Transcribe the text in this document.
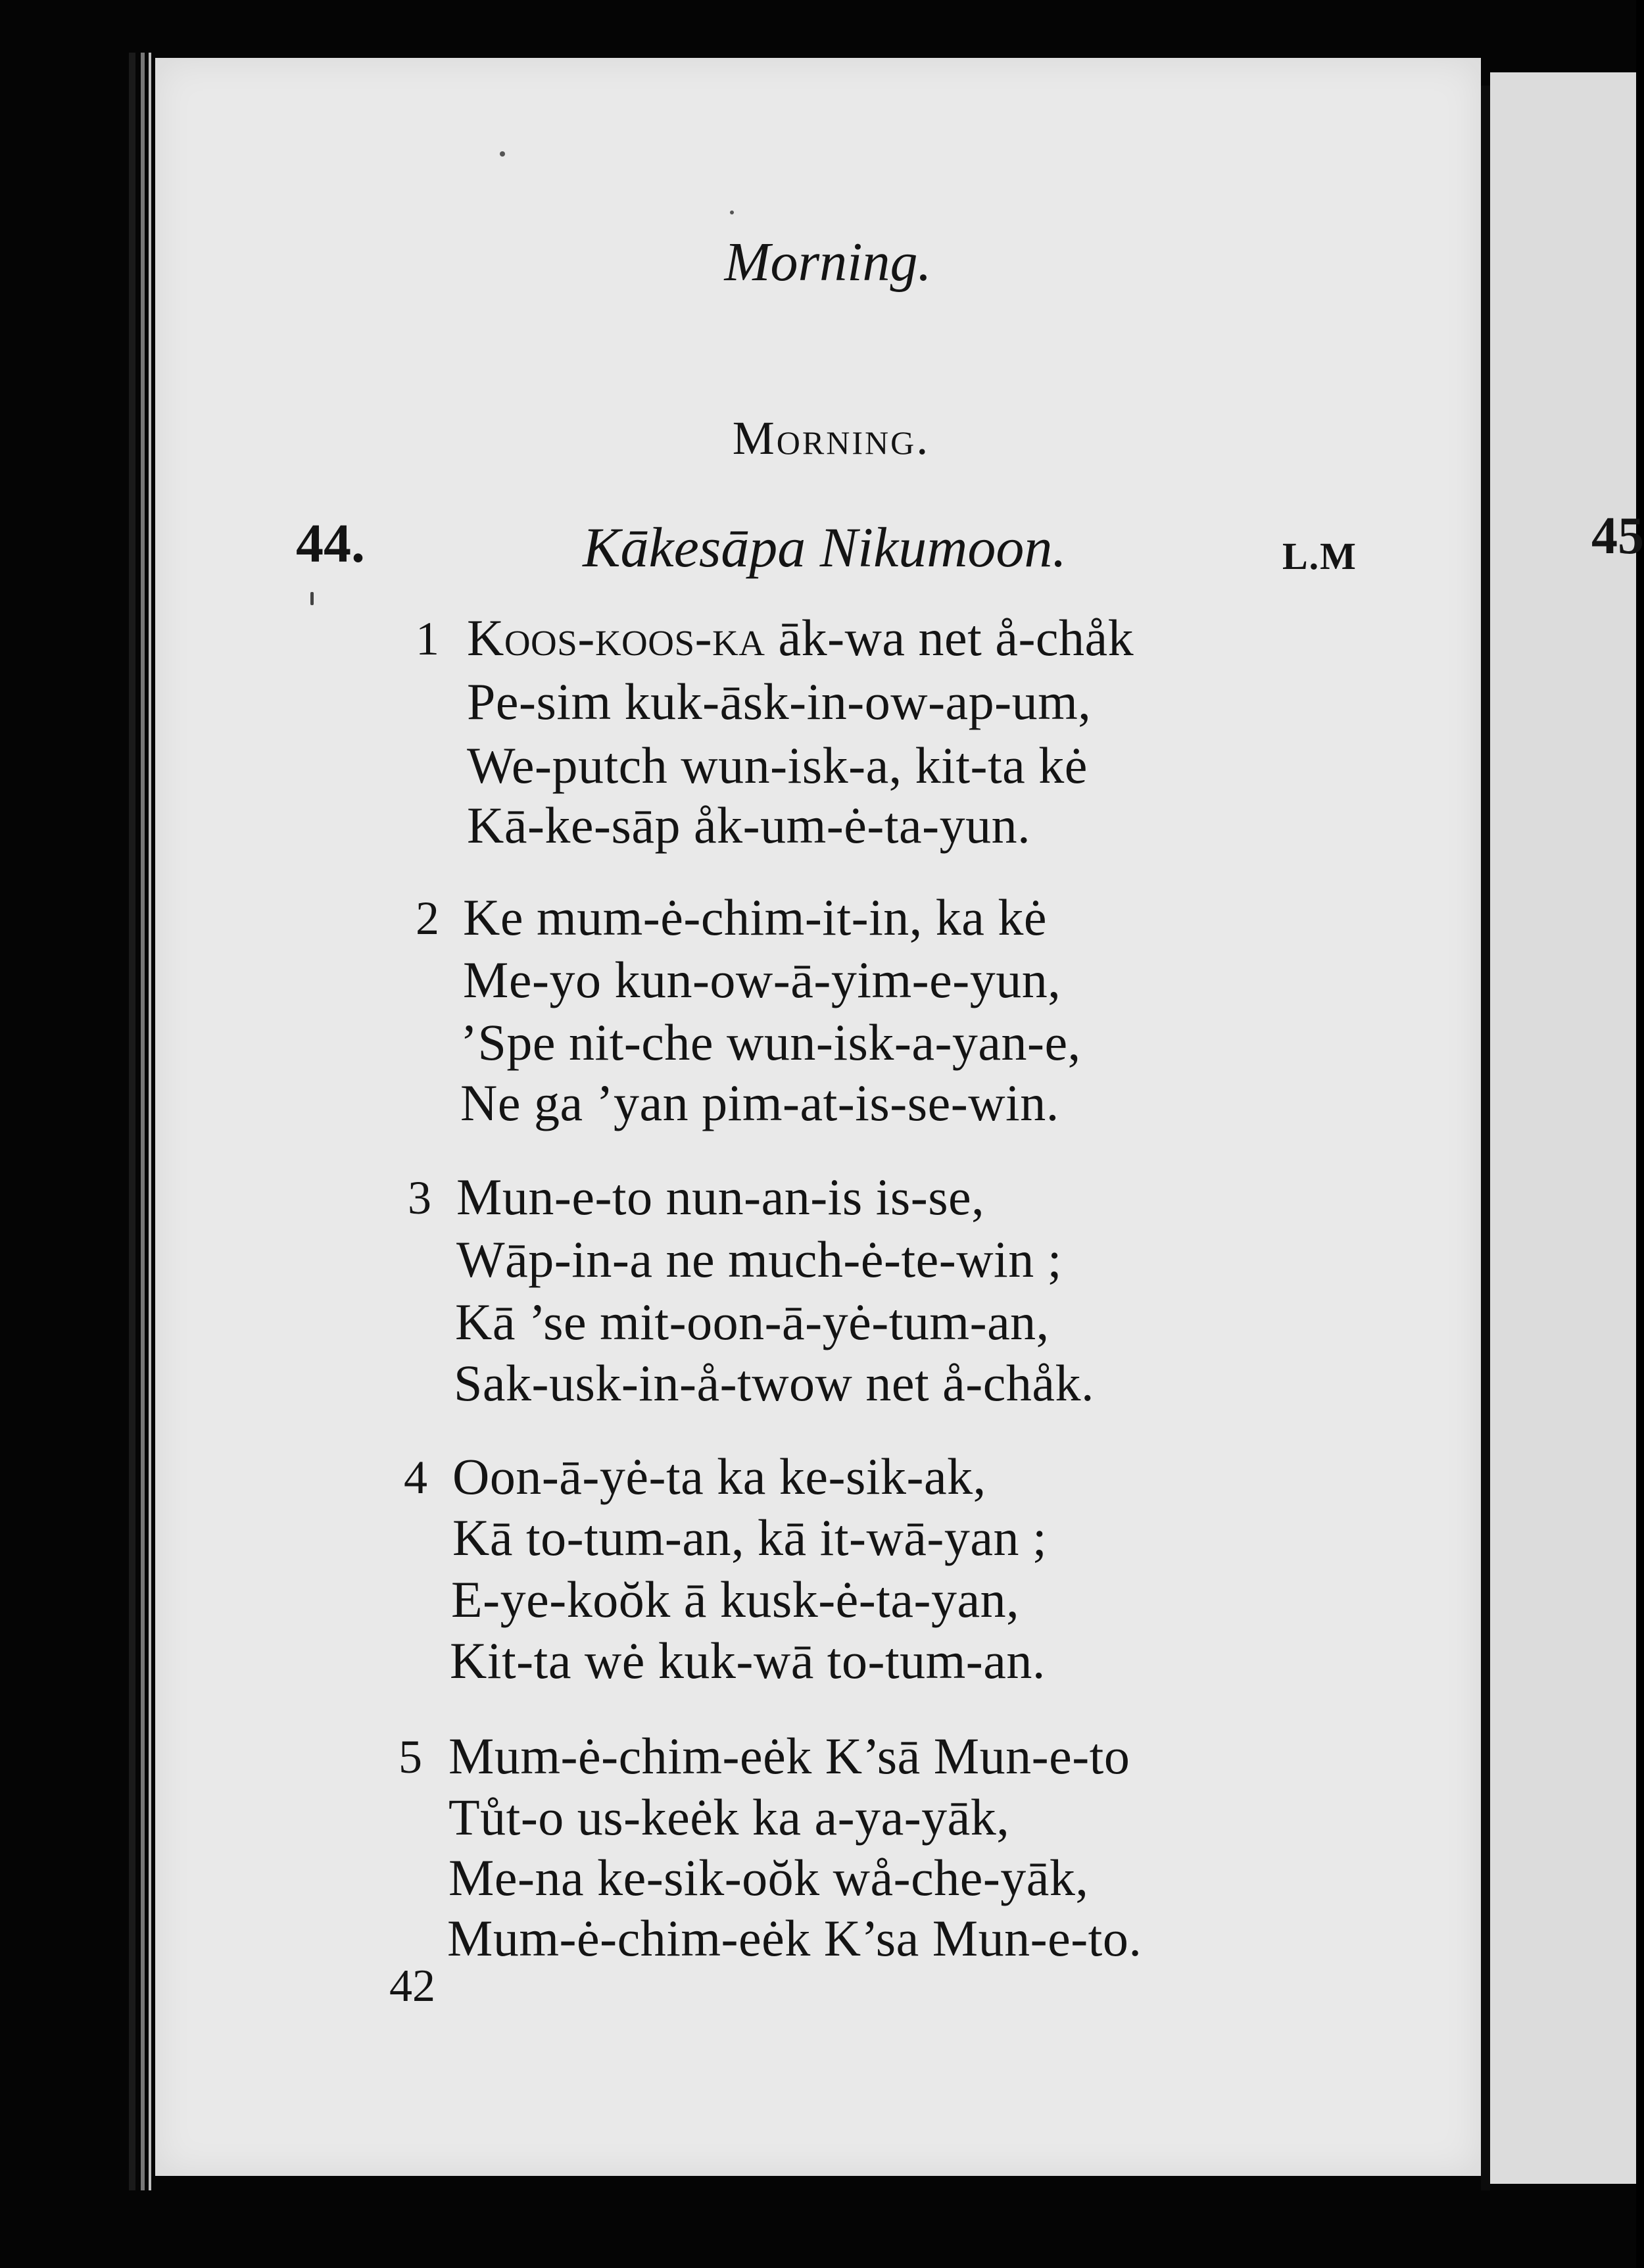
45
Morning.
Morning.
44.	Kākesāpa Nikumoon.	L.M
1 Koos-koos-ka āk-wa net å-chåk
Pe-sim kuk-āsk-in-ow-ap-um,
We-putch wun-isk-a, kit-ta kė
Kā-ke-sāp åk-um-ė-ta-yun.
2 Ke mum-ė-chim-it-in, ka kė
Me-yo kun-ow-ā-yim-e-yun,
’Spe nit-che wun-isk-a-yan-e,
Ne ga ’yan pim-at-is-se-win.
3 Mun-e-to nun-an-is is-se,
Wāp-in-a ne much-ė-te-win ;
Kā ’se mit-oon-ā-yė-tum-an,
Sak-usk-in-å-twow net å-chåk.
4 Oon-ā-yė-ta ka ke-sik-ak,
Kā to-tum-an, kā it-wā-yan ;
E-ye-koŏk ā kusk-ė-ta-yan,
Kit-ta wė kuk-wā to-tum-an.
5 Mum-ė-chim-eėk K’sā Mun-e-to
Tůt-o us-keėk ka a-ya-yāk,
Me-na ke-sik-oŏk wå-che-yāk,
Mum-ė-chim-eėk K’sa Mun-e-to.
42
